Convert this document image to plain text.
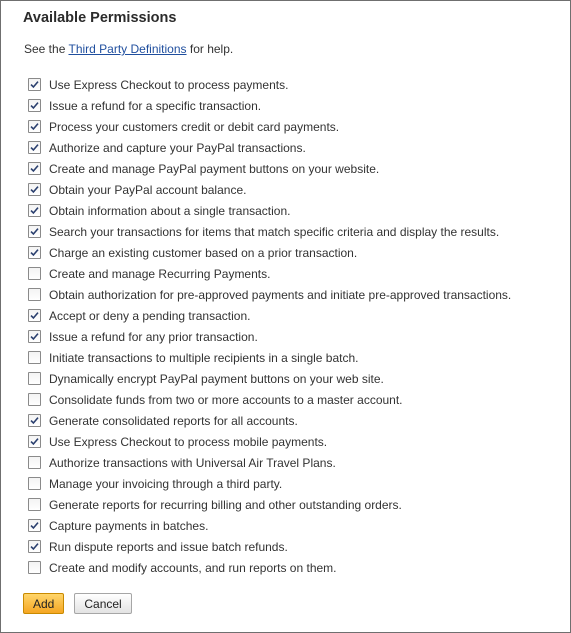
Available Permissions
See the Third Party Definitions for help.
Use Express Checkout to process payments.
Issue a refund for a specific transaction.
Process your customers credit or debit card payments.
Authorize and capture your PayPal transactions.
Create and manage PayPal payment buttons on your website.
Obtain your PayPal account balance.
Obtain information about a single transaction.
Search your transactions for items that match specific criteria and display the results.
Charge an existing customer based on a prior transaction.
Create and manage Recurring Payments.
Obtain authorization for pre-approved payments and initiate pre-approved transactions.
Accept or deny a pending transaction.
Issue a refund for any prior transaction.
Initiate transactions to multiple recipients in a single batch.
Dynamically encrypt PayPal payment buttons on your web site.
Consolidate funds from two or more accounts to a master account.
Generate consolidated reports for all accounts.
Use Express Checkout to process mobile payments.
Authorize transactions with Universal Air Travel Plans.
Manage your invoicing through a third party.
Generate reports for recurring billing and other outstanding orders.
Capture payments in batches.
Run dispute reports and issue batch refunds.
Create and modify accounts, and run reports on them.
Add	Cancel
